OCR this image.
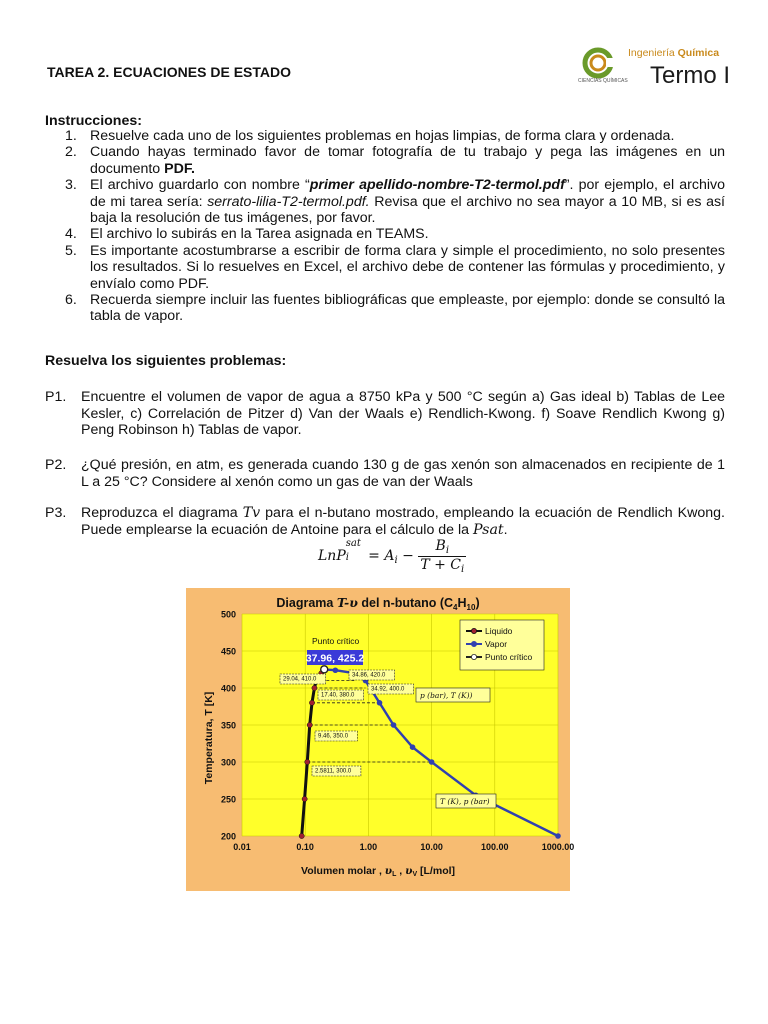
TAREA 2. ECUACIONES DE ESTADO
CIENCIAS QUÍMICAS
Ingeniería Química
Termo I
Instrucciones:
1. Resuelve cada uno de los siguientes problemas en hojas limpias, de forma clara y ordenada.
2. Cuando hayas terminado favor de tomar fotografía de tu trabajo y pega las imágenes en un documento PDF.
3. El archivo guardarlo con nombre “primer apellido-nombre-T2-termol.pdf”. por ejemplo, el archivo de mi tarea sería: serrato-lilia-T2-termol.pdf. Revisa que el archivo no sea mayor a 10 MB, si es así baja la resolución de tus imágenes, por favor.
4. El archivo lo subirás en la Tarea asignada en TEAMS.
5. Es importante acostumbrarse a escribir de forma clara y simple el procedimiento, no solo presentes los resultados. Si lo resuelves en Excel, el archivo debe de contener las fórmulas y procedimiento, y envíalo como PDF.
6. Recuerda siempre incluir las fuentes bibliográficas que empleaste, por ejemplo: donde se consultó la tabla de vapor.
Resuelva los siguientes problemas:
P1. Encuentre el volumen de vapor de agua a 8750 kPa y 500 °C según a) Gas ideal b) Tablas de Lee Kesler, c) Correlación de Pitzer d) Van der Waals e) Rendlich-Kwong. f) Soave Rendlich Kwong g) Peng Robinson h) Tablas de vapor.
P2. ¿Qué presión, en atm, es generada cuando 130 g de gas xenón son almacenados en recipiente de 1 L a 25 °C? Considere al xenón como un gas de van der Waals
P3. Reproduzca el diagrama Tv para el n-butano mostrado, empleando la ecuación de Rendlich Kwong. Puede emplearse la ecuación de Antoine para el cálculo de la Psat.
LnP
sat
$i = A_i - \frac{B_i}{T + C_i}$
200
250
300
350
400
450
500
0.01	0.10	1.00	10.00	100.00	1000.00
Punto crítico
37.96, 425.2
29.04, 410.0
34.86, 420.0
34.92, 400.0
17.40, 380.0
9.46, 350.0
2.5811, 300.0
p (bar), T (K))
T (K), p (bar)
Liquido
Vapor
Punto crítico
Diagrama T-υ del n-butano $(C_4H_{10})$
Volumen molar , υL , υV [L/mol]
Temperatura, T [K]
